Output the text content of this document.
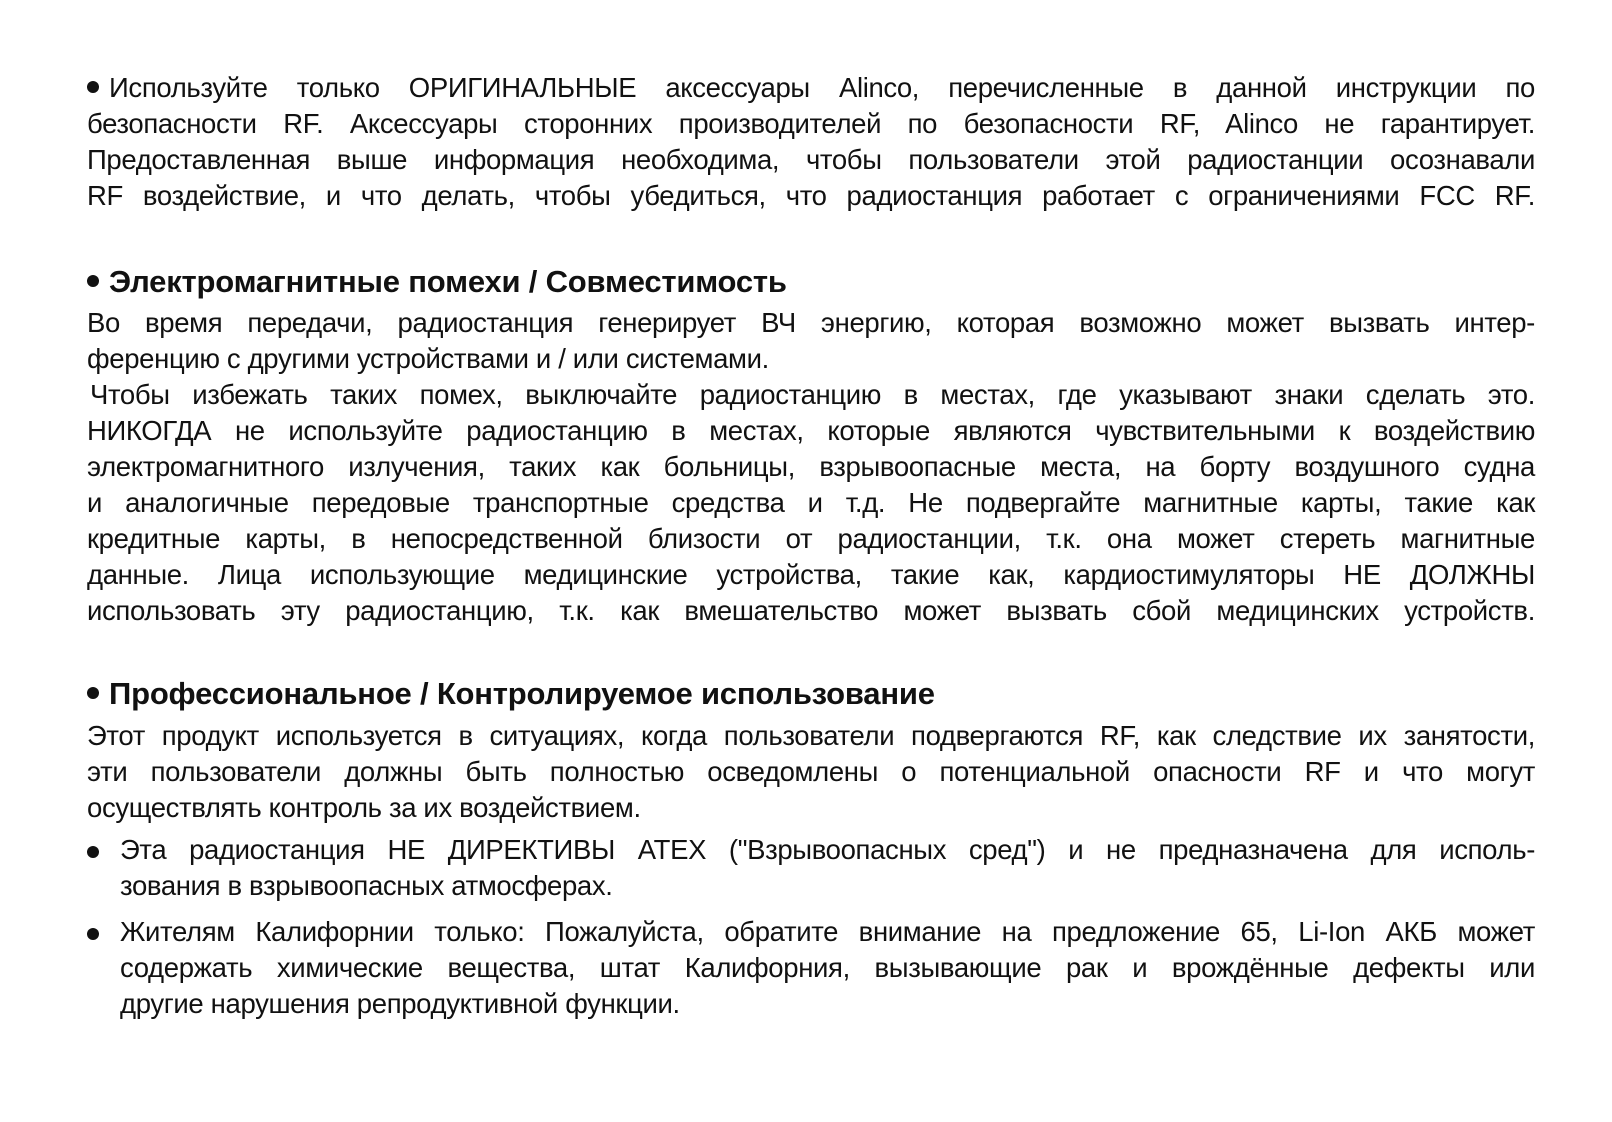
Используйте только ОРИГИНАЛЬНЫЕ аксессуары Alinco, перечисленные в данной инструкции по
безопасности RF. Аксессуары сторонних производителей по безопасности RF, Alinco не гарантирует.
Предоставленная выше информация необходима, чтобы пользователи этой радиостанции осознавали
RF воздействие, и что делать, чтобы убедиться, что радиостанция работает с ограничениями FCC RF.
Электромагнитные помехи / Совместимость
Во время передачи, радиостанция генерирует ВЧ энергию, которая возможно может вызвать интер-
ференцию с другими устройствами и / или системами.
Чтобы избежать таких помех, выключайте радиостанцию в местах, где указывают знаки сделать это.
НИКОГДА не используйте радиостанцию в местах, которые являются чувствительными к воздействию
электромагнитного излучения, таких как больницы, взрывоопасные места, на борту воздушного судна
и аналогичные передовые транспортные средства и т.д. Не подвергайте магнитные карты, такие как
кредитные карты, в непосредственной близости от радиостанции, т.к. она может стереть магнитные
данные. Лица использующие медицинские устройства, такие как, кардиостимуляторы НЕ ДОЛЖНЫ
использовать эту радиостанцию, т.к. как вмешательство может вызвать сбой медицинских устройств.
Профессиональное / Контролируемое использование
Этот продукт используется в ситуациях, когда пользователи подвергаются RF, как следствие их занятости,
эти пользователи должны быть полностью осведомлены о потенциальной опасности RF и что могут
осуществлять контроль за их воздействием.
Эта радиостанция НЕ ДИРЕКТИВЫ ATEX ("Взрывоопасных сред") и не предназначена для исполь-
зования в взрывоопасных атмосферах.
Жителям Калифорнии только: Пожалуйста, обратите внимание на предложение 65, Li-Ion АКБ может
содержать химические вещества, штат Калифорния, вызывающие рак и врождённые дефекты или
другие нарушения репродуктивной функции.
